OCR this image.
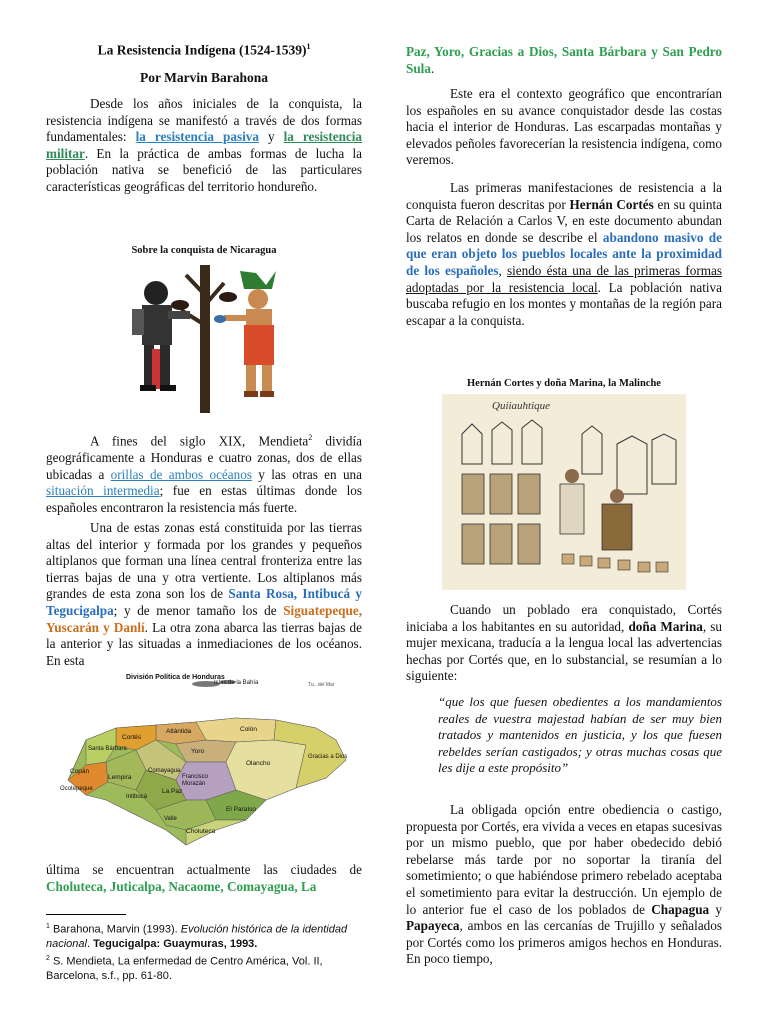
La Resistencia Indígena (1524-1539)$^1$
Por Marvin Barahona

Desde los años iniciales de la conquista, la resistencia indígena se manifestó a través de dos formas fundamentales: la resistencia pasiva y la resistencia militar. En la práctica de ambas formas de lucha la población nativa se benefició de las particulares características geográficas del territorio hondureño.

Sobre la conquista de Nicaragua

A fines del siglo XIX, Mendieta$^2$ dividía geográficamente a Honduras e cuatro zonas, dos de ellas ubicadas a orillas de ambos océanos y las otras en una situación intermedia; fue en estas últimas donde los españoles encontraron la resistencia más fuerte.

Una de estas zonas está constituida por las tierras altas del interior y formada por los grandes y pequeños altiplanos que forman una línea central fronteriza entre las tierras bajas de una y otra vertiente. Los altiplanos más grandes de esta zona son los de Santa Rosa, Intibucá y Tegucigalpa; y de menor tamaño los de Siguatepeque, Yuscarán y Danlí. La otra zona abarca las tierras bajas de la anterior y las situadas a inmediaciones de los océanos. En esta

División Política de Honduras
Islas de la Bahía	Tu...del Mar
Colón
Atlántida
Yoro
Cortés
Santa Bárbara
Copán
Ocotepeque
Lempira
Intibucá
La Paz
Comayagua
Francisco Morazán
El Paraíso
Olancho
Gracias a Dios
Valle
Choluteca

última se encuentran actualmente las ciudades de Choluteca, Juticalpa, Nacaome, Comayagua, La

$^1$ Barahona, Marvin (1993). Evolución histórica de la identidad nacional. Tegucigalpa: Guaymuras, 1993.
$^2$ S. Mendieta, La enfermedad de Centro América, Vol. II, Barcelona, s.f., pp. 61-80.

Paz, Yoro, Gracias a Dios, Santa Bárbara y San Pedro Sula.

Este era el contexto geográfico que encontrarían los españoles en su avance conquistador desde las costas hacia el interior de Honduras. Las escarpadas montañas y elevados peñoles favorecerían la resistencia indígena, como veremos.

Las primeras manifestaciones de resistencia a la conquista fueron descritas por Hernán Cortés en su quinta Carta de Relación a Carlos V, en este documento abundan los relatos en donde se describe el abandono masivo de que eran objeto los pueblos locales ante la proximidad de los españoles, siendo ésta una de las primeras formas adoptadas por la resistencia local. La población nativa buscaba refugio en los montes y montañas de la región para escapar a la conquista.

Hernán Cortes y doña Marina, la Malinche
Quiiauhtique

Cuando un poblado era conquistado, Cortés iniciaba a los habitantes en su autoridad, doña Marina, su mujer mexicana, traducía a la lengua local las advertencias hechas por Cortés que, en lo substancial, se resumían a lo siguiente:

“que los que fuesen obedientes a los mandamientos reales de vuestra majestad habían de ser muy bien tratados y mantenidos en justicia, y los que fuesen rebeldes serían castigados; y otras muchas cosas que les dije a este propósito”

La obligada opción entre obediencia o castigo, propuesta por Cortés, era vivida a veces en etapas sucesivas por un mismo pueblo, que por haber obedecido debió rebelarse más tarde por no soportar la tiranía del sometimiento; o que habiéndose primero rebelado aceptaba el sometimiento para evitar la destrucción. Un ejemplo de lo anterior fue el caso de los poblados de Chapagua y Papayeca, ambos en las cercanías de Trujillo y señalados por Cortés como los primeros amigos hechos en Honduras. En poco tiempo,
